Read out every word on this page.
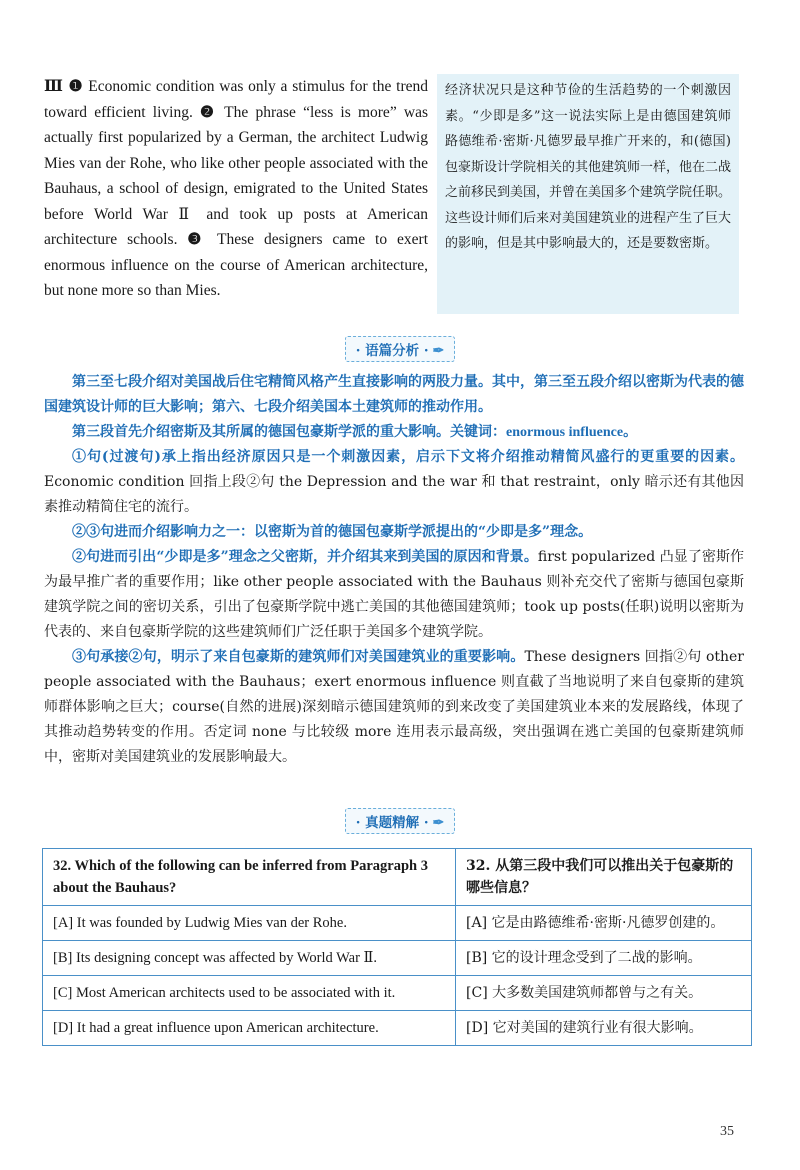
Ⅲ ❶ Economic condition was only a stimulus for the trend toward efficient living. ❷ The phrase “less is more” was actually first popularized by a German, the architect Ludwig Mies van der Rohe, who like other people associated with the Bauhaus, a school of design, emigrated to the United States before World War Ⅱ and took up posts at American architecture schools. ❸ These designers came to exert enormous influence on the course of American architecture, but none more so than Mies.
经济状况只是这种节俭的生活趋势的一个刺激因素。“少即是多”这一说法实际上是由德国建筑师路德维希·密斯·凡德罗最早推广开来的，和(德国)包豪斯设计学院相关的其他建筑师一样，他在二战之前移民到美国，并曾在美国多个建筑学院任职。这些设计师们后来对美国建筑业的进程产生了巨大的影响，但是其中影响最大的，还是要数密斯。
· 语篇分析 · ✒

第三至七段介绍对美国战后住宅精简风格产生直接影响的两股力量。其中，第三至五段介绍以密斯为代表的德国建筑设计师的巨大影响；第六、七段介绍美国本土建筑师的推动作用。

第三段首先介绍密斯及其所属的德国包豪斯学派的重大影响。关键词：enormous influence。

①句(过渡句)承上指出经济原因只是一个刺激因素，启示下文将介绍推动精简风盛行的更重要的因素。Economic condition 回指上段②句 the Depression and the war 和 that restraint，only 暗示还有其他因素推动精简住宅的流行。

②③句进而介绍影响力之一：以密斯为首的德国包豪斯学派提出的“少即是多”理念。

②句进而引出“少即是多”理念之父密斯，并介绍其来到美国的原因和背景。first popularized 凸显了密斯作为最早推广者的重要作用；like other people associated with the Bauhaus 则补充交代了密斯与德国包豪斯建筑学院之间的密切关系，引出了包豪斯学院中逃亡美国的其他德国建筑师；took up posts(任职)说明以密斯为代表的、来自包豪斯学院的这些建筑师们广泛任职于美国多个建筑学院。

③句承接②句，明示了来自包豪斯的建筑师们对美国建筑业的重要影响。These designers 回指②句 other people associated with the Bauhaus；exert enormous influence 则直截了当地说明了来自包豪斯的建筑师群体影响之巨大；course(自然的进展)深刻暗示德国建筑师的到来改变了美国建筑业本来的发展路线，体现了其推动趋势转变的作用。否定词 none 与比较级 more 连用表示最高级，突出强调在逃亡美国的包豪斯建筑师中，密斯对美国建筑业的发展影响最大。

· 真题精解 · ✒
32. Which of the following can be inferred from Paragraph 3 about the Bauhaus?	32. 从第三段中我们可以推出关于包豪斯的哪些信息？
[A] It was founded by Ludwig Mies van der Rohe.	[A] 它是由路德维希·密斯·凡德罗创建的。
[B] Its designing concept was affected by World War Ⅱ.	[B] 它的设计理念受到了二战的影响。
[C] Most American architects used to be associated with it.	[C] 大多数美国建筑师都曾与之有关。
[D] It had a great influence upon American architecture.	[D] 它对美国的建筑行业有很大影响。
35
